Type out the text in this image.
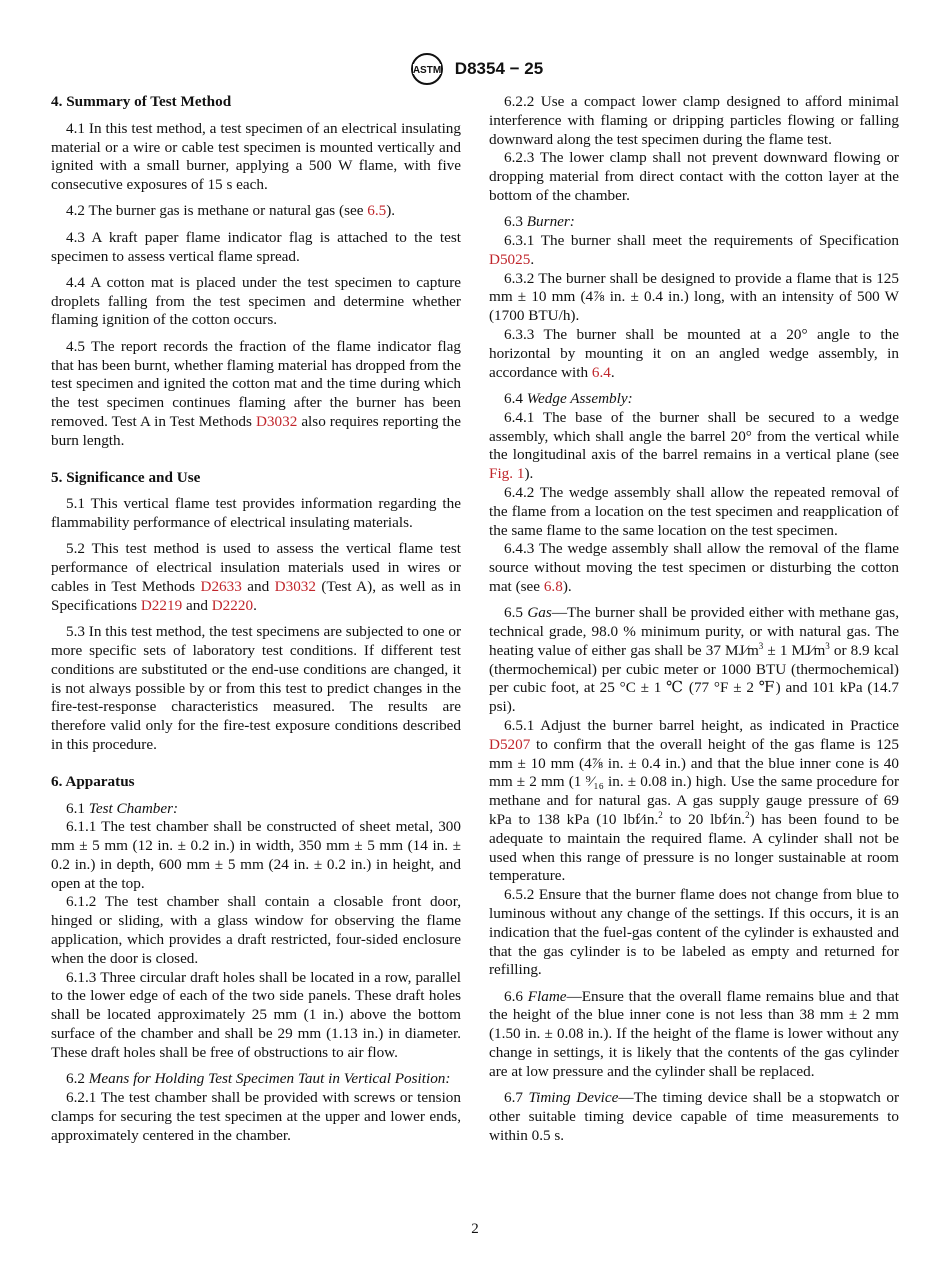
ASTM D8354 − 25
4. Summary of Test Method

4.1 In this test method, a test specimen of an electrical insulating material or a wire or cable test specimen is mounted vertically and ignited with a small burner, applying a 500 W flame, with five consecutive exposures of 15 s each.

4.2 The burner gas is methane or natural gas (see 6.5).

4.3 A kraft paper flame indicator flag is attached to the test specimen to assess vertical flame spread.

4.4 A cotton mat is placed under the test specimen to capture droplets falling from the test specimen and determine whether flaming ignition of the cotton occurs.

4.5 The report records the fraction of the flame indicator flag that has been burnt, whether flaming material has dropped from the test specimen and ignited the cotton mat and the time during which the test specimen continues flaming after the burner has been removed. Test A in Test Methods D3032 also requires reporting the burn length.

5. Significance and Use

5.1 This vertical flame test provides information regarding the flammability performance of electrical insulating materials.

5.2 This test method is used to assess the vertical flame test performance of electrical insulation materials used in wires or cables in Test Methods D2633 and D3032 (Test A), as well as in Specifications D2219 and D2220.

5.3 In this test method, the test specimens are subjected to one or more specific sets of laboratory test conditions. If different test conditions are substituted or the end-use conditions are changed, it is not always possible by or from this test to predict changes in the fire-test-response characteristics measured. The results are therefore valid only for the fire-test exposure conditions described in this procedure.

6. Apparatus

6.1 Test Chamber:

6.1.1 The test chamber shall be constructed of sheet metal, 300 mm ± 5 mm (12 in. ± 0.2 in.) in width, 350 mm ± 5 mm (14 in. ± 0.2 in.) in depth, 600 mm ± 5 mm (24 in. ± 0.2 in.) in height, and open at the top.

6.1.2 The test chamber shall contain a closable front door, hinged or sliding, with a glass window for observing the flame application, which provides a draft restricted, four-sided enclosure when the door is closed.

6.1.3 Three circular draft holes shall be located in a row, parallel to the lower edge of each of the two side panels. These draft holes shall be located approximately 25 mm (1 in.) above the bottom surface of the chamber and shall be 29 mm (1.13 in.) in diameter. These draft holes shall be free of obstructions to air flow.

6.2 Means for Holding Test Specimen Taut in Vertical Position:

6.2.1 The test chamber shall be provided with screws or tension clamps for securing the test specimen at the upper and lower ends, approximately centered in the chamber.

6.2.2 Use a compact lower clamp designed to afford minimal interference with flaming or dripping particles flowing or falling downward along the test specimen during the flame test.

6.2.3 The lower clamp shall not prevent downward flowing or dropping material from direct contact with the cotton layer at the bottom of the chamber.

6.3 Burner:

6.3.1 The burner shall meet the requirements of Specification D5025.

6.3.2 The burner shall be designed to provide a flame that is 125 mm ± 10 mm (4⅞ in. ± 0.4 in.) long, with an intensity of 500 W (1700 BTU/h).

6.3.3 The burner shall be mounted at a 20° angle to the horizontal by mounting it on an angled wedge assembly, in accordance with 6.4.

6.4 Wedge Assembly:

6.4.1 The base of the burner shall be secured to a wedge assembly, which shall angle the barrel 20° from the vertical while the longitudinal axis of the barrel remains in a vertical plane (see Fig. 1).

6.4.2 The wedge assembly shall allow the repeated removal of the flame from a location on the test specimen and reapplication of the same flame to the same location on the test specimen.

6.4.3 The wedge assembly shall allow the removal of the flame source without moving the test specimen or disturbing the cotton mat (see 6.8).

6.5 Gas—The burner shall be provided either with methane gas, technical grade, 98.0 % minimum purity, or with natural gas. The heating value of either gas shall be 37 $MJ⁄m^3 \pm 1$ $MJ⁄m^3$ or 8.9 kcal (thermochemical) per cubic meter or 1000 BTU (thermochemical) per cubic foot, at 25 °C ± 1 ℃ (77 °F ± 2 ℉) and 101 kPa (14.7 psi).

6.5.1 Adjust the burner barrel height, as indicated in Practice D5207 to confirm that the overall height of the gas flame is 125 mm ± 10 mm (4⅞ in. ± 0.4 in.) and that the blue inner cone is 40 mm ± 2 mm (1 ⁹⁄₁₆ in. ± 0.08 in.) high. Use the same procedure for methane and for natural gas. A gas supply gauge pressure of 69 kPa to 138 kPa (10 lbf⁄in.$^2$ to 20 lbf⁄in.$^2$) has been found to be adequate to maintain the required flame. A cylinder shall not be used when this range of pressure is no longer sustainable at room temperature.

6.5.2 Ensure that the burner flame does not change from blue to luminous without any change of the settings. If this occurs, it is an indication that the fuel-gas content of the cylinder is exhausted and that the gas cylinder is to be labeled as empty and returned for refilling.

6.6 Flame—Ensure that the overall flame remains blue and that the height of the blue inner cone is not less than 38 mm ± 2 mm (1.50 in. ± 0.08 in.). If the height of the flame is lower without any change in settings, it is likely that the contents of the gas cylinder are at low pressure and the cylinder shall be replaced.

6.7 Timing Device—The timing device shall be a stopwatch or other suitable timing device capable of time measurements to within 0.5 s.

2
